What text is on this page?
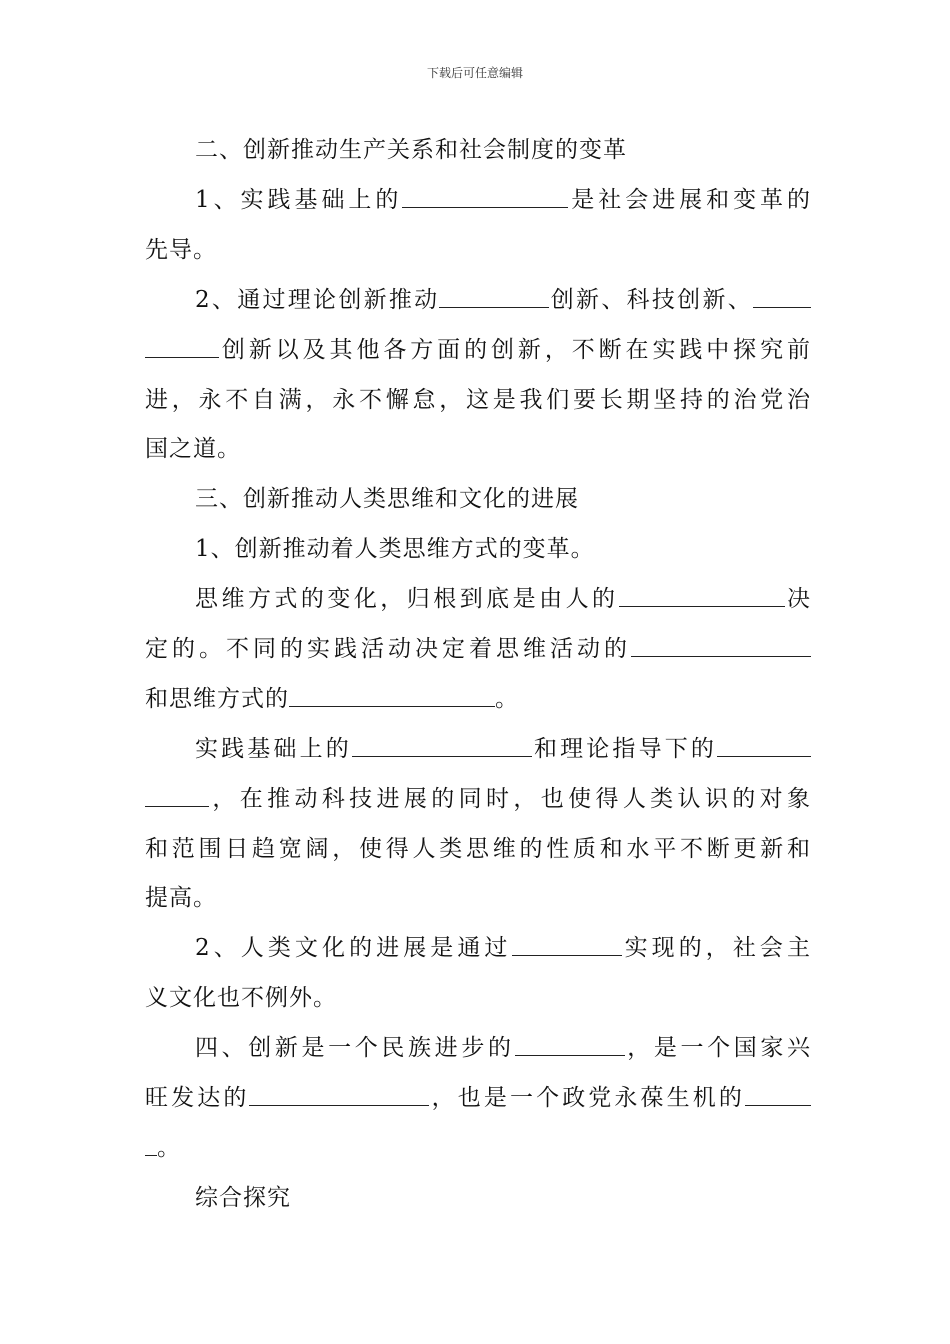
下载后可任意编辑
二、创新推动生产关系和社会制度的变革
1、实践基础上的	是社会进展和变革的
先导。
2、通过理论创新推动	创新、科技创新、
创新以及其他各方面的创新，不断在实践中探究前
进，永不自满，永不懈怠，这是我们要长期坚持的治党治
国之道。
三、创新推动人类思维和文化的进展
1、创新推动着人类思维方式的变革。
思维方式的变化，归根到底是由人的	决
定的。不同的实践活动决定着思维活动的
和思维方式的	。
实践基础上的	和理论指导下的
，在推动科技进展的同时，也使得人类认识的对象
和范围日趋宽阔，使得人类思维的性质和水平不断更新和
提高。
2、人类文化的进展是通过	实现的，社会主
义文化也不例外。
四、创新是一个民族进步的	，是一个国家兴
旺发达的	，也是一个政党永葆生机的
。
综合探究
